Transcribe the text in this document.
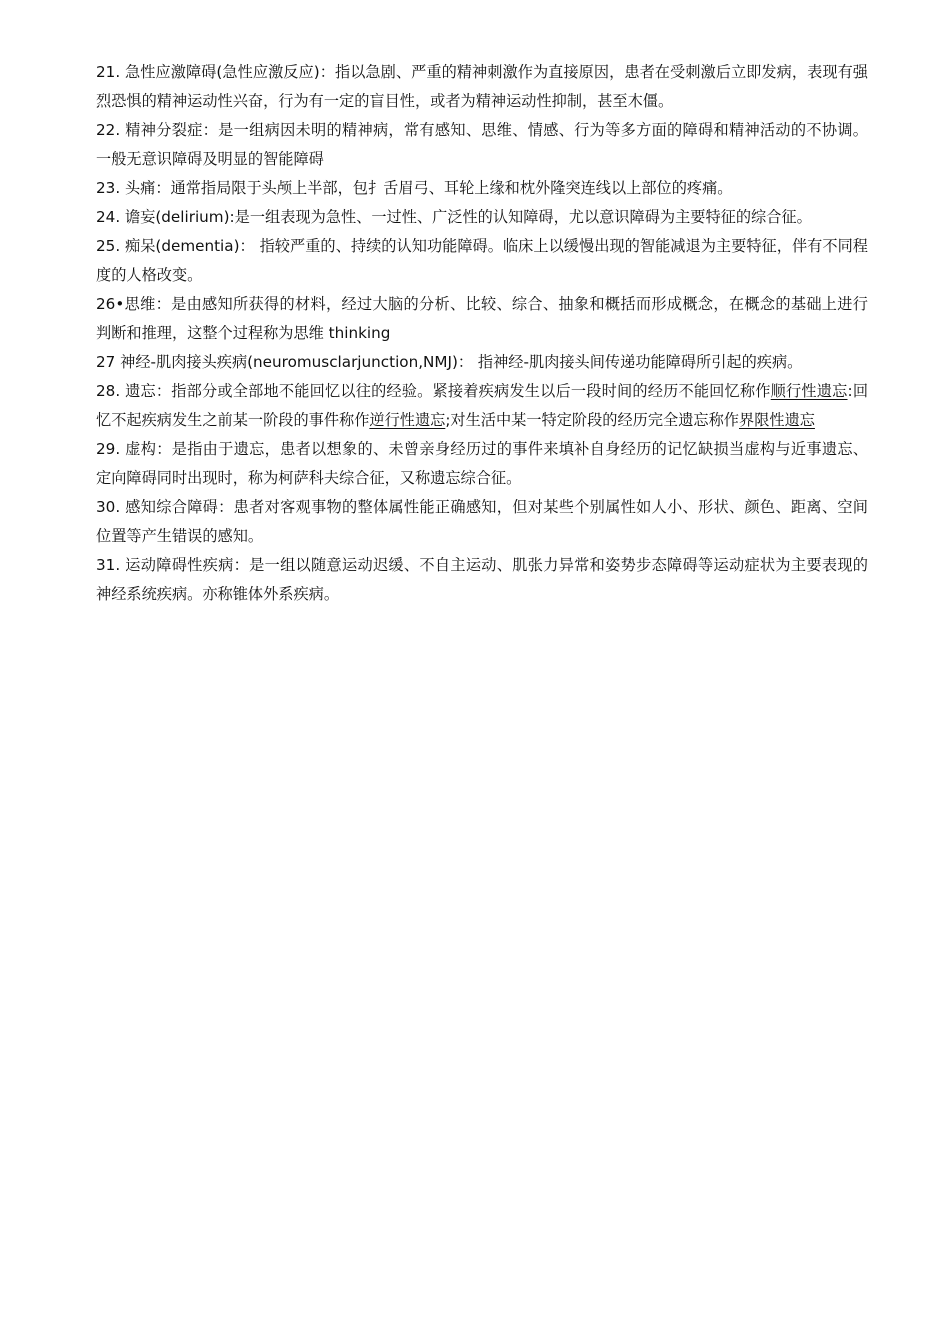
21. 急性应激障碍(急性应激反应)：指以急剧、严重的精神刺激作为直接原因，患者在受刺激后立即发病，表现有强烈恐惧的精神运动性兴奋，行为有一定的盲目性，或者为精神运动性抑制，甚至木僵。

22. 精神分裂症：是一组病因未明的精神病，常有感知、思维、情感、行为等多方面的障碍和精神活动的不协调。一般无意识障碍及明显的智能障碍

23. 头痛：通常指局限于头颅上半部，包扌舌眉弓、耳轮上缘和枕外隆突连线以上部位的疼痛。

24. 谵妄(delirium):是一组表现为急性、一过性、广泛性的认知障碍，尤以意识障碍为主要特征的综合征。

25. 痴呆(dementia)： 指较严重的、持续的认知功能障碍。临床上以缓慢出现的智能减退为主要特征，伴有不同程度的人格改变。

26•思维：是由感知所获得的材料，经过大脑的分析、比较、综合、抽象和概括而形成概念，在概念的基础上进行判断和推理，这整个过程称为思维 thinking

27 神经-肌肉接头疾病(neuromusclarjunction,NMJ)： 指神经-肌肉接头间传递功能障碍所引起的疾病。

28. 遗忘：指部分或全部地不能回忆以往的经验。紧接着疾病发生以后一段时间的经历不能回忆称作顺行性遗忘:回忆不起疾病发生之前某一阶段的事件称作逆行性遗忘;对生活中某一特定阶段的经历完全遗忘称作界限性遗忘

29. 虚构：是指由于遗忘，患者以想象的、未曾亲身经历过的事件来填补自身经历的记忆缺损当虚构与近事遗忘、定向障碍同时出现时，称为柯萨科夫综合征，又称遗忘综合征。

30. 感知综合障碍：患者对客观事物的整体属性能正确感知，但对某些个别属性如人小、形状、颜色、距离、空间位置等产生错误的感知。

31. 运动障碍性疾病：是一组以随意运动迟缓、不自主运动、肌张力异常和姿势步态障碍等运动症状为主要表现的神经系统疾病。亦称锥体外系疾病。
